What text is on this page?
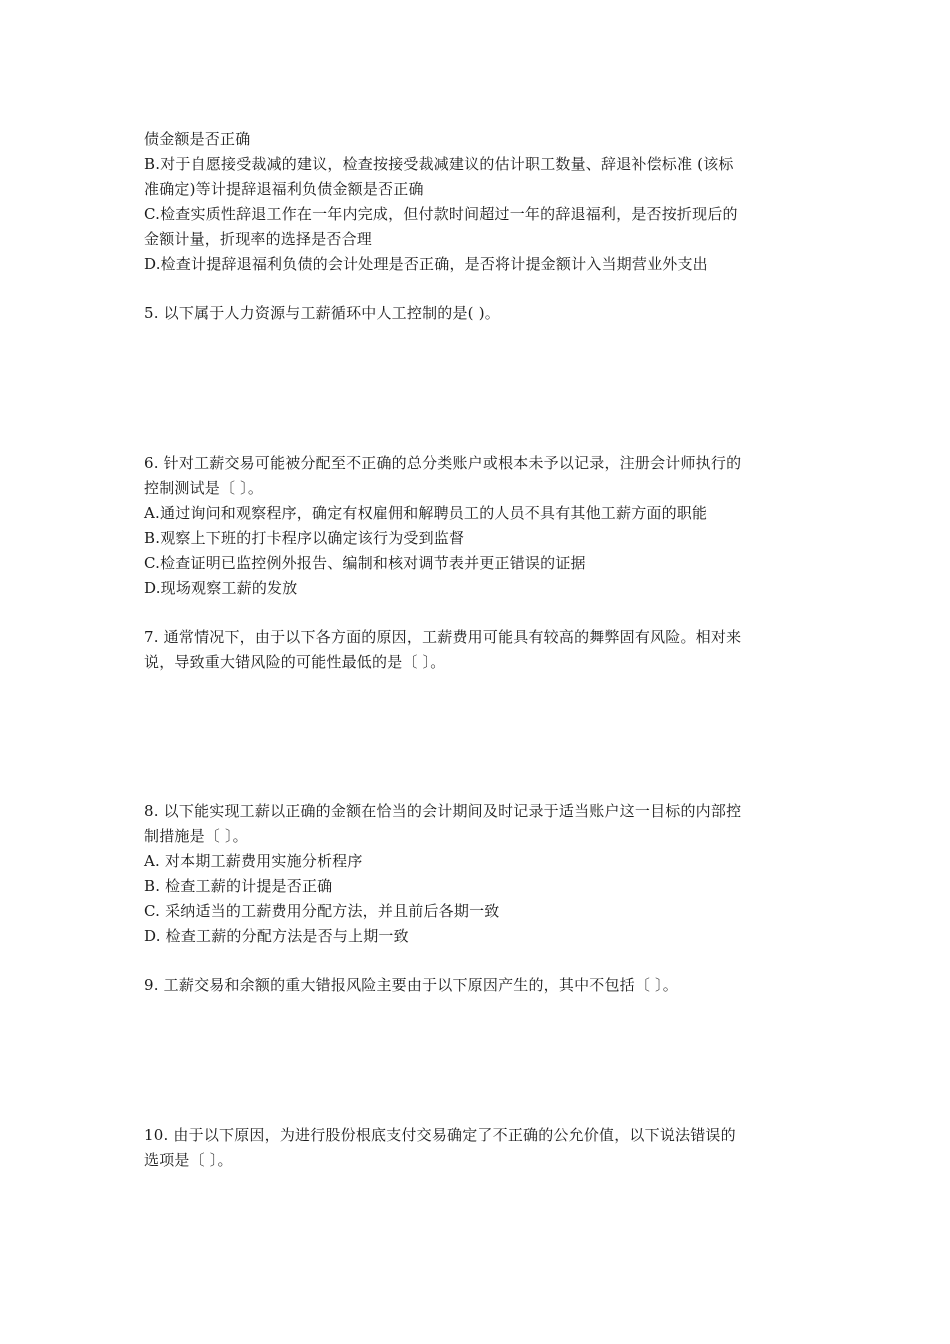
债金额是否正确
B.对于自愿接受裁减的建议，检查按接受裁减建议的估计职工数量、辞退补偿标准 (该标
准确定)等计提辞退福利负债金额是否正确
C.检查实质性辞退工作在一年内完成，但付款时间超过一年的辞退福利，是否按折现后的
金额计量，折现率的选择是否合理
D.检查计提辞退福利负债的会计处理是否正确，是否将计提金额计入当期营业外支出
5. 以下属于人力资源与工薪循环中人工控制的是( )。
6. 针对工薪交易可能被分配至不正确的总分类账户或根本未予以记录，注册会计师执行的
控制测试是〔 〕。
A.通过询问和观察程序，确定有权雇佣和解聘员工的人员不具有其他工薪方面的职能
B.观察上下班的打卡程序以确定该行为受到监督
C.检查证明已监控例外报告、编制和核对调节表并更正错误的证据
D.现场观察工薪的发放
7. 通常情况下，由于以下各方面的原因，工薪费用可能具有较高的舞弊固有风险。相对来
说，导致重大错风险的可能性最低的是〔 〕。
8. 以下能实现工薪以正确的金额在恰当的会计期间及时记录于适当账户这一目标的内部控
制措施是〔 〕。
A. 对本期工薪费用实施分析程序
B. 检查工薪的计提是否正确
C. 采纳适当的工薪费用分配方法，并且前后各期一致
D. 检查工薪的分配方法是否与上期一致
9. 工薪交易和余额的重大错报风险主要由于以下原因产生的，其中不包括〔 〕。
10. 由于以下原因，为进行股份根底支付交易确定了不正确的公允价值，以下说法错误的
选项是〔 〕。
